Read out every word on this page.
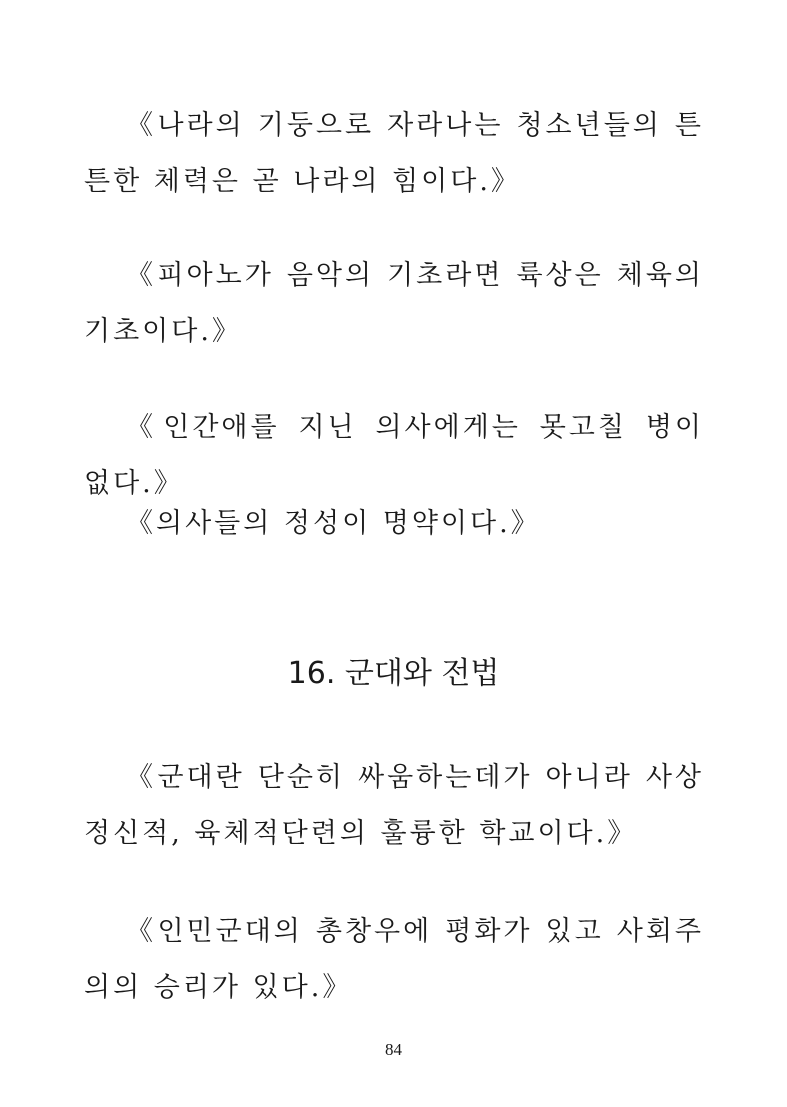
《나라의 기둥으로 자라나는 청소년들의 튼튼한 체력은 곧 나라의 힘이다.》

《피아노가 음악의 기초라면 륙상은 체육의 기초이다.》

《인간애를 지닌 의사에게는 못고칠 병이 없다.》

《의사들의 정성이 명약이다.》

16. 군대와 전법

《군대란 단순히 싸움하는데가 아니라 사상정신적, 육체적단련의 훌륭한 학교이다.》

《인민군대의 총창우에 평화가 있고 사회주의의 승리가 있다.》

84
